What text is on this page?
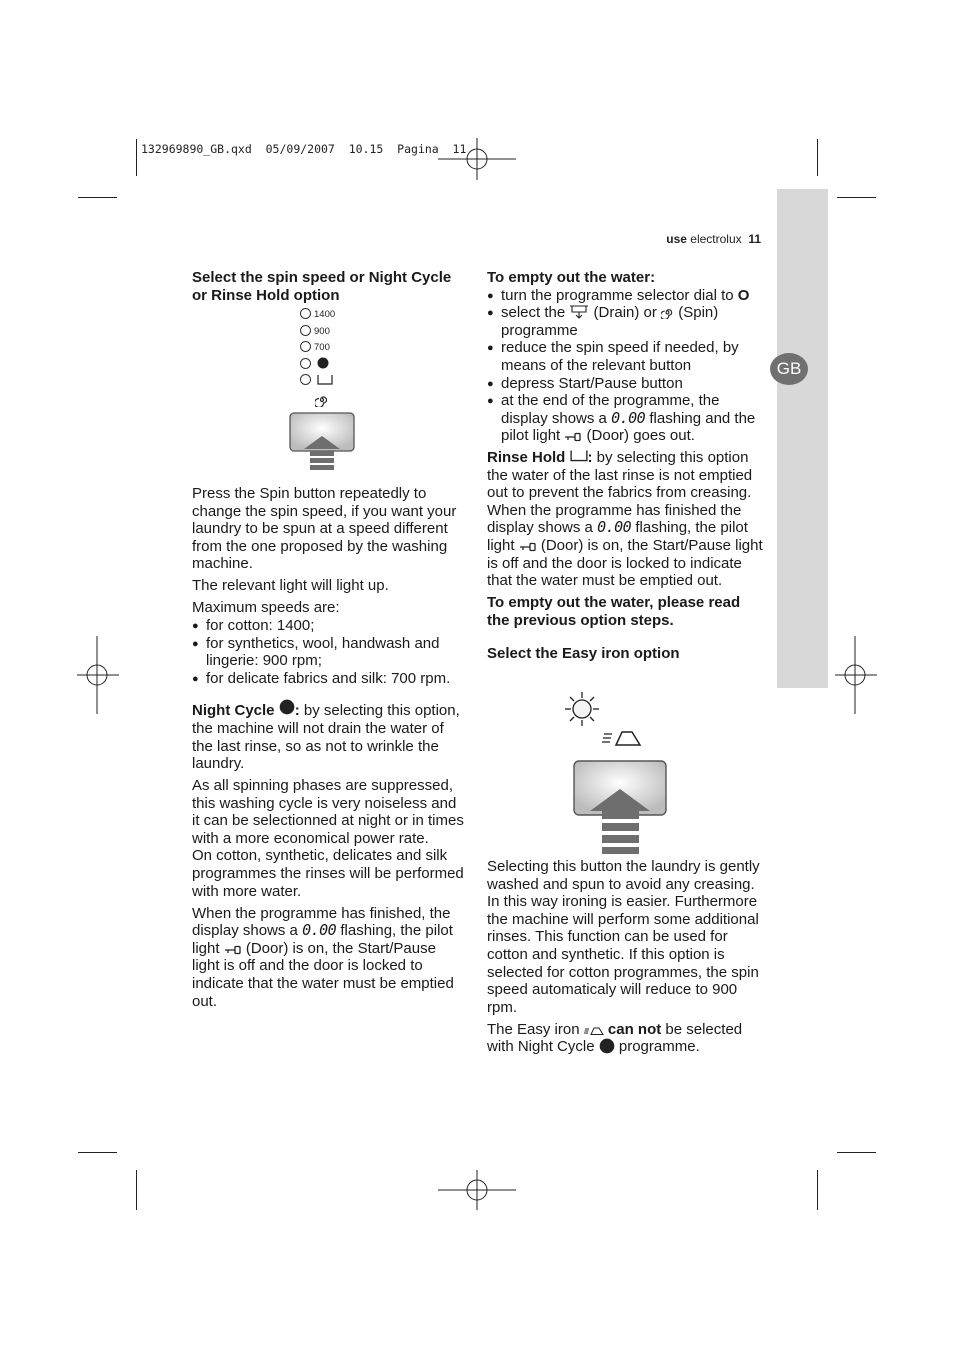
132969890_GB.qxd  05/09/2007  10.15  Pagina  11
use electrolux 11
GB
Select the spin speed or Night Cycle or Rinse Hold option
1400
900
700

Press the Spin button repeatedly to change the spin speed, if you want your laundry to be spun at a speed different from the one proposed by the washing machine.

The relevant light will light up.

Maximum speeds are:

● for cotton: 1400;
● for synthetics, wool, handwash and lingerie: 900 rpm;
● for delicate fabrics and silk: 700 rpm.

Night Cycle : by selecting this option, the machine will not drain the water of the last rinse, so as not to wrinkle the laundry.

As all spinning phases are suppressed, this washing cycle is very noiseless and it can be selectionned at night or in times with a more economical power rate.

On cotton, synthetic, delicates and silk programmes the rinses will be performed with more water.

When the programme has finished, the display shows a 0.00 flashing, the pilot light  (Door) is on, the Start/Pause light is off and the door is locked to indicate that the water must be emptied out.

To empty out the water:

● turn the programme selector dial to O
● select the  (Drain) or  (Spin) programme
● reduce the spin speed if needed, by means of the relevant button
● depress Start/Pause button
● at the end of the programme, the display shows a 0.00 flashing and the pilot light  (Door) goes out.

Rinse Hold : by selecting this option the water of the last rinse is not emptied out to prevent the fabrics from creasing. When the programme has finished the display shows a 0.00 flashing, the pilot light  (Door) is on, the Start/Pause light is off and the door is locked to indicate that the water must be emptied out.

To empty out the water, please read the previous option steps.

Select the Easy iron option

Selecting this button the laundry is gently washed and spun to avoid any creasing. In this way ironing is easier. Furthermore the machine will perform some additional rinses. This function can be used for cotton and synthetic. If this option is selected for cotton programmes, the spin speed automaticaly will reduce to 900 rpm.

The Easy iron  can not be selected with Night Cycle  programme.
